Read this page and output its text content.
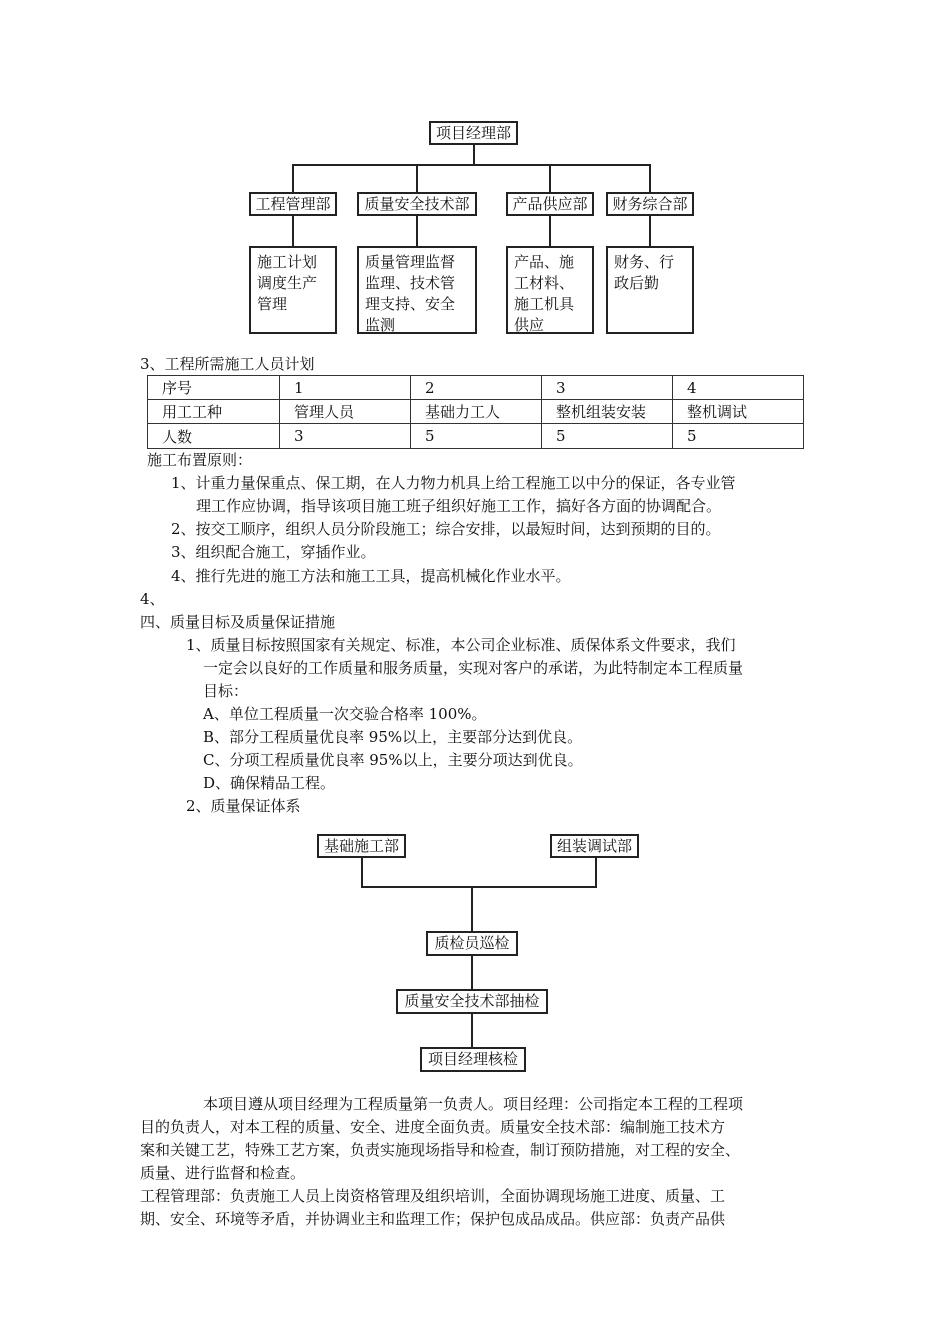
项目经理部
工程管理部	质量安全技术部	产品供应部	财务综合部
施工计划调度生产管理
质量管理监督监理、技术管理支持、安全监测
产品、施工材料、施工机具供应
财务、行政后勤
3、工程所需施工人员计划
序号	1	2	3	4
用工工种	管理人员	基础力工人	整机组装安装	整机调试
人数	3	5	5	5
施工布置原则：
1、计重力量保重点、保工期，在人力物力机具上给工程施工以中分的保证，各专业管
理工作应协调，指导该项目施工班子组织好施工工作，搞好各方面的协调配合。
2、按交工顺序，组织人员分阶段施工；综合安排，以最短时间，达到预期的目的。
3、组织配合施工，穿插作业。
4、推行先进的施工方法和施工工具，提高机械化作业水平。
4、
四、质量目标及质量保证措施
1、质量目标按照国家有关规定、标准，本公司企业标准、质保体系文件要求，我们
一定会以良好的工作质量和服务质量，实现对客户的承诺，为此特制定本工程质量
目标：
A、单位工程质量一次交验合格率 100%。
B、部分工程质量优良率 95%以上，主要部分达到优良。
C、分项工程质量优良率 95%以上，主要分项达到优良。
D、确保精品工程。
2、质量保证体系
基础施工部	组装调试部
质检员巡检
质量安全技术部抽检
项目经理核检
本项目遵从项目经理为工程质量第一负责人。项目经理：公司指定本工程的工程项
目的负责人，对本工程的质量、安全、进度全面负责。质量安全技术部：编制施工技术方
案和关键工艺，特殊工艺方案，负责实施现场指导和检查，制订预防措施，对工程的安全、
质量、进行监督和检查。
工程管理部：负责施工人员上岗资格管理及组织培训，全面协调现场施工进度、质量、工
期、安全、环境等矛盾，并协调业主和监理工作；保护包成品成品。供应部：负责产品供
